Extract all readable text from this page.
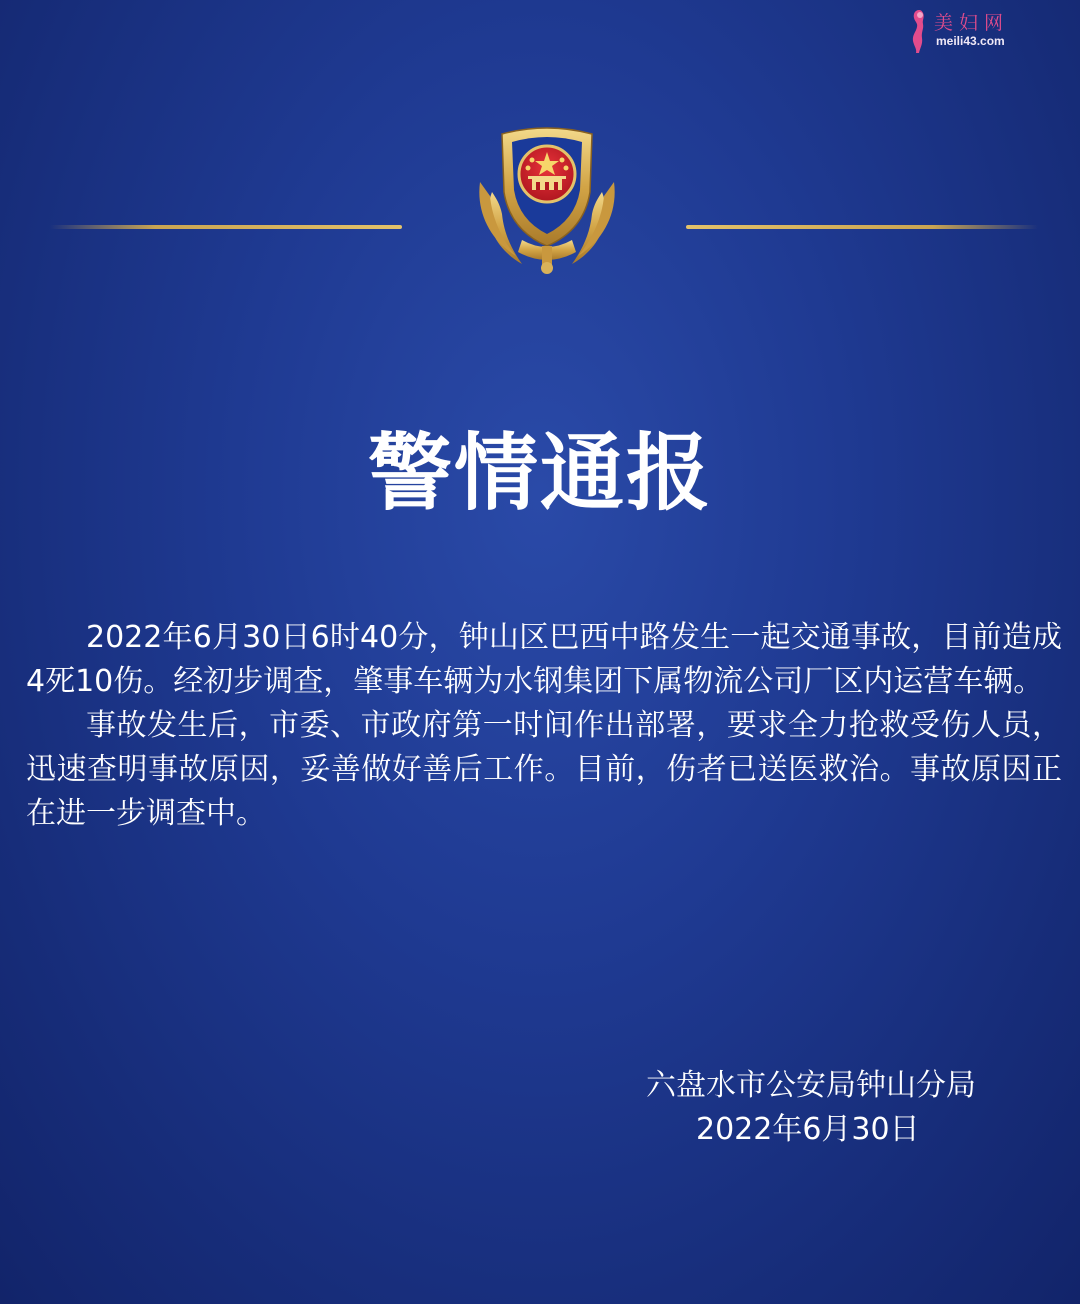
美妇网
meili43.com
警情通报

2022年6月30日6时40分，钟山区巴西中路发生一起交通事故，目前造成4死10伤。经初步调查，肇事车辆为水钢集团下属物流公司厂区内运营车辆。

事故发生后，市委、市政府第一时间作出部署，要求全力抢救受伤人员，迅速查明事故原因，妥善做好善后工作。目前，伤者已送医救治。事故原因正在进一步调查中。

六盘水市公安局钟山分局
2022年6月30日
